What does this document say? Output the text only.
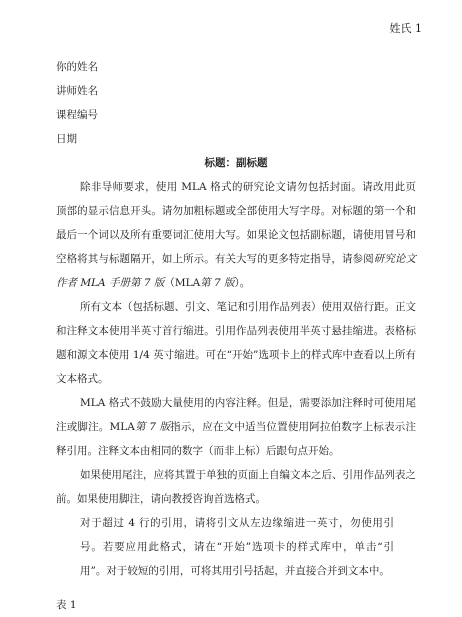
姓氏 1
你的姓名
讲师姓名
课程编号
日期
标题：副标题

除非导师要求，使用 MLA 格式的研究论文请勿包括封面。请改用此页顶部的显示信息开头。请勿加粗标题或全部使用大写字母。对标题的第一个和最后一个词以及所有重要词汇使用大写。如果论文包括副标题，请使用冒号和空格将其与标题隔开，如上所示。有关大写的更多特定指导，请参阅研究论文作者 MLA 手册第 7 版（MLA第 7 版）。

所有文本（包括标题、引文、笔记和引用作品列表）使用双倍行距。正文和注释文本使用半英寸首行缩进。引用作品列表使用半英寸悬挂缩进。表格标题和源文本使用 1/4 英寸缩进。可在“开始”选项卡上的样式库中查看以上所有文本格式。

MLA 格式不鼓励大量使用的内容注释。但是，需要添加注释时可使用尾注或脚注。MLA第 7 版指示，应在文中适当位置使用阿拉伯数字上标表示注释引用。注释文本由相同的数字（而非上标）后跟句点开始。

如果使用尾注，应将其置于单独的页面上自编文本之后、引用作品列表之前。如果使用脚注，请向教授咨询首选格式。

对于超过 4 行的引用，请将引文从左边缘缩进一英寸，勿使用引号。若要应用此格式，请在“开始”选项卡的样式库中，单击“引用”。对于较短的引用，可将其用引号括起，并直接合并到文本中。

表 1
